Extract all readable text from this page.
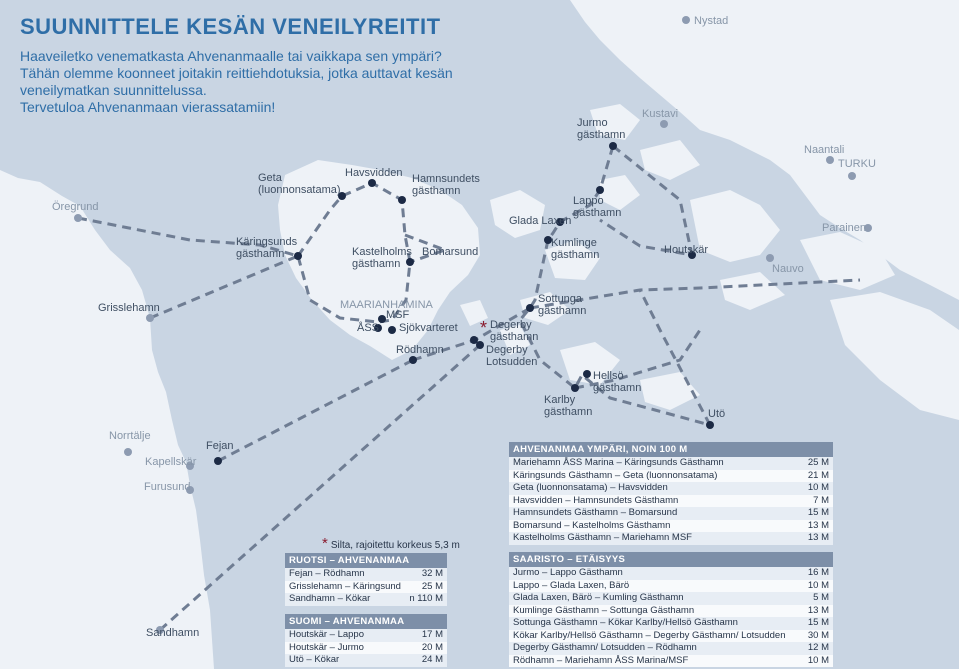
SUUNNITTELE KESÄN VENEILYREITIT

Haaveiletko venematkasta Ahvenanmaalle tai vaikkapa sen ympäri?

Tähän olemme koonneet joitakin reittiehdotuksia, jotka auttavat kesän

veneilymatkan suunnittelussa.

Tervetuloa Ahvenanmaan vierassatamiin!

Nystad
Kustavi
Naantali
TURKU
Parainen
Nauvo
Öregrund
Grisslehamn
Norrtälje
Kapellskär
Furusund
Fejan
Sandhamn
Geta
(luonnonsatama)
Havsvidden Hamnsundets
gästhamn
Käringsunds
gästhamn	Kastelholms
gästhamn
Bomarsund
MAARIANHAMINA
MSF
ÅSS Sjökvarteret
Rödhamn
Jurmo
gästhamn
Lappo
gästhamn
Glada Laxen
Kumlinge
gästhamn	Houtskär
Sottunga
gästhamn
* Degerby
gästhamn
Degerby
Lotsudden
Hellsö
gästhamn
Karlby
gästhamn	Utö
* Silta, rajoitettu korkeus 5,3 m
RUOTSI – AHVENANMAA
Fejan – Rödhamn	32 M
Grisslehamn – Käringsund 25 M
Sandhamn – Kökar	n 110 M
SUOMI – AHVENANMAA
Houtskär – Lappo	17 M
Houtskär – Jurmo	20 M
Utö – Kökar	24 M
AHVENANMAA YMPÄRI, NOIN 100 M
Mariehamn ÅSS Marina – Käringsunds Gästhamn	25 M
Käringsunds Gästhamn – Geta (luonnonsatama)	21 M
Geta (luonnonsatama) – Havsvidden	10 M
Havsvidden – Hamnsundets Gästhamn	7 M
Hamnsundets Gästhamn – Bomarsund	15 M
Bomarsund – Kastelholms Gästhamn	13 M
Kastelholms Gästhamn – Mariehamn MSF	13 M
SAARISTO – ETÄISYYS
Jurmo – Lappo Gästhamn	16 M
Lappo – Glada Laxen, Bärö	10 M
Glada Laxen, Bärö – Kumling Gästhamn	5 M
Kumlinge Gästhamn – Sottunga Gästhamn	13 M
Sottunga Gästhamn – Kökar Karlby/Hellsö Gästhamn	15 M
Kökar Karlby/Hellsö Gästhamn – Degerby Gästhamn/ Lotsudden 30 M
Degerby Gästhamn/ Lotsudden – Rödhamn	12 M
Rödhamn – Mariehamn ÅSS Marina/MSF	10 M
